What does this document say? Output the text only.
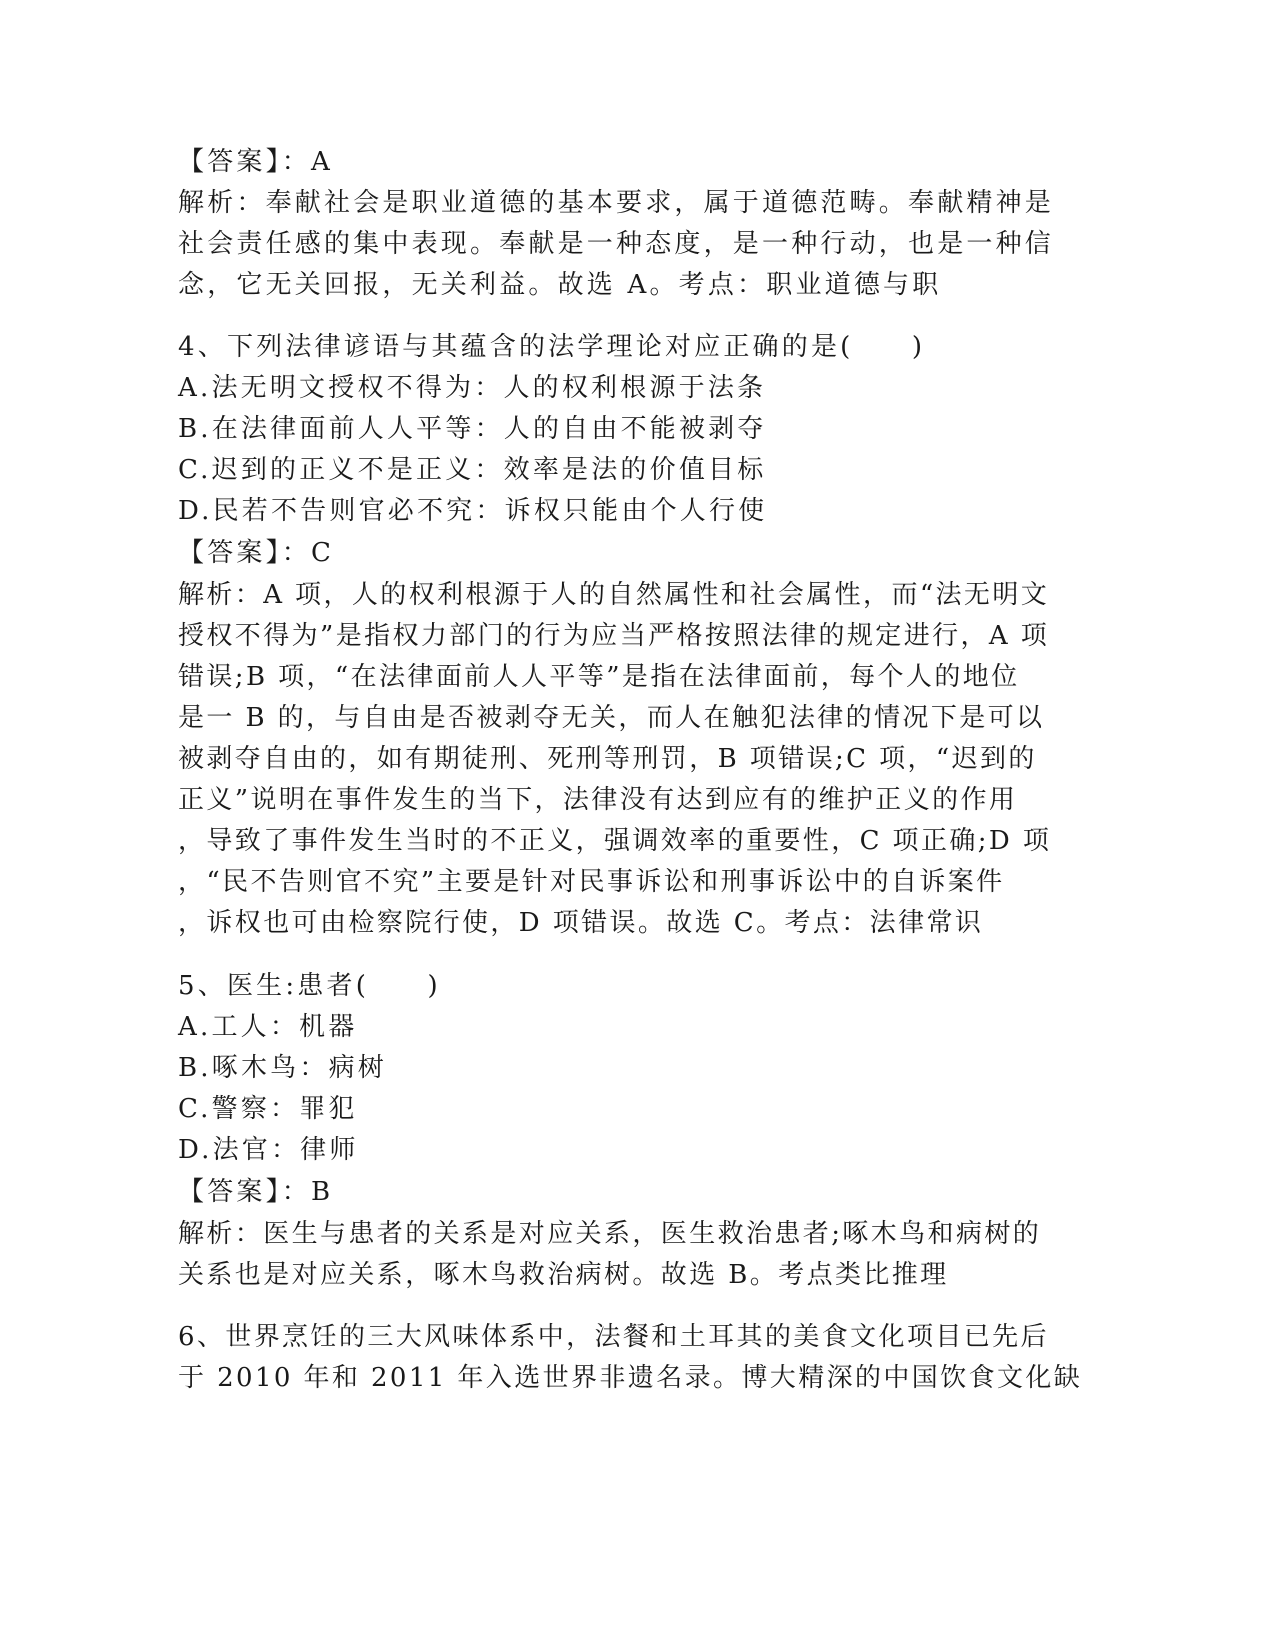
【答案】：A
解析：奉献社会是职业道德的基本要求，属于道德范畴。奉献精神是
社会责任感的集中表现。奉献是一种态度，是一种行动，也是一种信
念，它无关回报，无关利益。故选 A。考点：职业道德与职
4、下列法律谚语与其蕴含的法学理论对应正确的是(　　)
A.法无明文授权不得为：人的权利根源于法条
B.在法律面前人人平等：人的自由不能被剥夺
C.迟到的正义不是正义：效率是法的价值目标
D.民若不告则官必不究：诉权只能由个人行使
【答案】：C
解析：A 项，人的权利根源于人的自然属性和社会属性，而“法无明文
授权不得为”是指权力部门的行为应当严格按照法律的规定进行，A 项
错误;B 项，“在法律面前人人平等”是指在法律面前，每个人的地位
是一 B 的，与自由是否被剥夺无关，而人在触犯法律的情况下是可以
被剥夺自由的，如有期徒刑、死刑等刑罚，B 项错误;C 项，“迟到的
正义”说明在事件发生的当下，法律没有达到应有的维护正义的作用
，导致了事件发生当时的不正义，强调效率的重要性，C 项正确;D 项
，“民不告则官不究”主要是针对民事诉讼和刑事诉讼中的自诉案件
，诉权也可由检察院行使，D 项错误。故选 C。考点：法律常识
5、医生:患者(　　)
A.工人：机器
B.啄木鸟：病树
C.警察：罪犯
D.法官：律师
【答案】：B
解析：医生与患者的关系是对应关系，医生救治患者;啄木鸟和病树的
关系也是对应关系，啄木鸟救治病树。故选 B。考点类比推理
6、世界烹饪的三大风味体系中，法餐和土耳其的美食文化项目已先后
于 2010 年和 2011 年入选世界非遗名录。博大精深的中国饮食文化缺
